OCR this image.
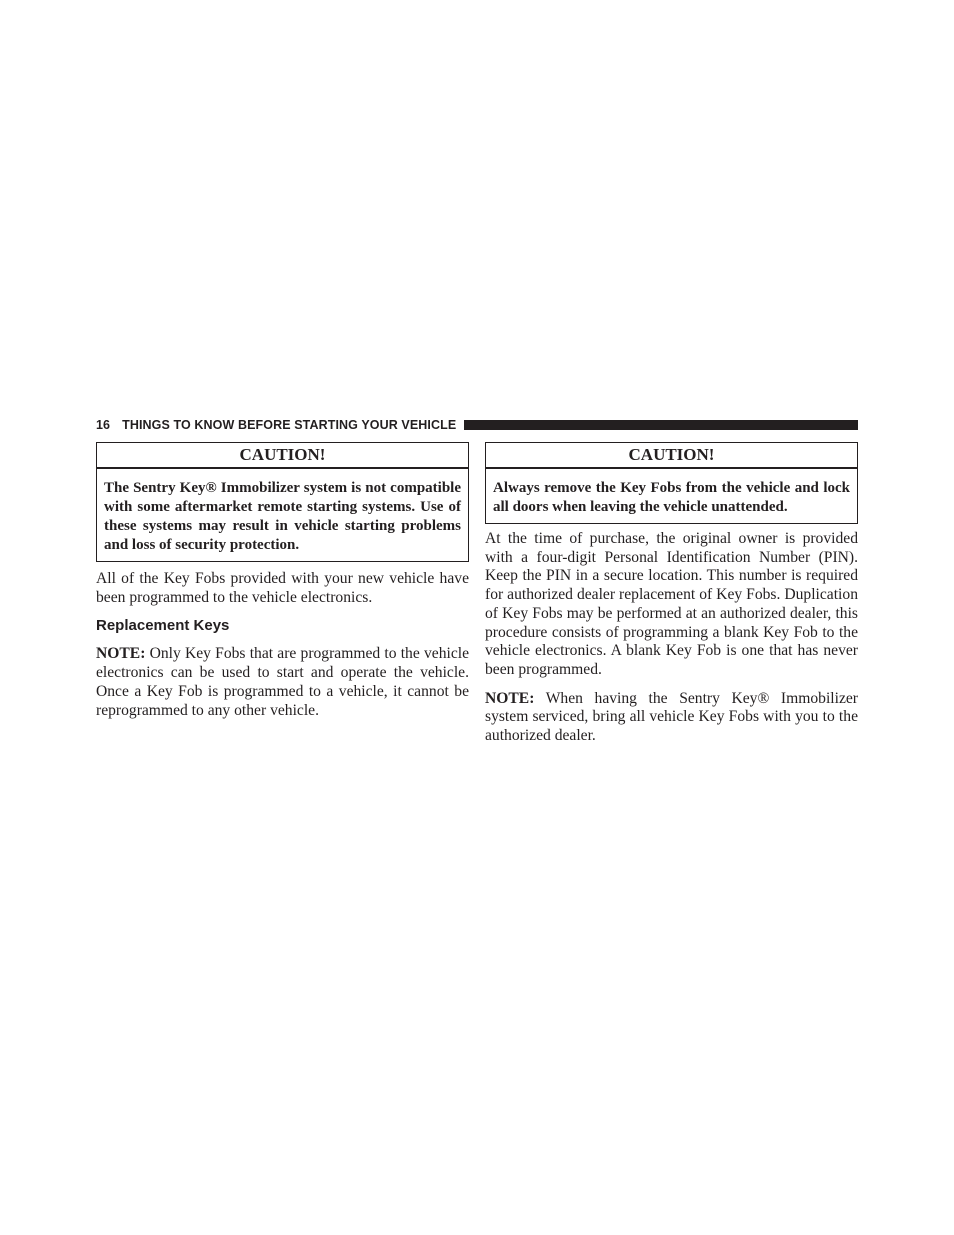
16 THINGS TO KNOW BEFORE STARTING YOUR VEHICLE
CAUTION!
The Sentry Key® Immobilizer system is not compatible with some aftermarket remote starting systems. Use of these systems may result in vehicle starting problems and loss of security protection.

All of the Key Fobs provided with your new vehicle have been programmed to the vehicle electronics.

Replacement Keys

NOTE: Only Key Fobs that are programmed to the vehicle electronics can be used to start and operate the vehicle. Once a Key Fob is programmed to a vehicle, it cannot be reprogrammed to any other vehicle.

CAUTION!
Always remove the Key Fobs from the vehicle and lock all doors when leaving the vehicle unattended.

At the time of purchase, the original owner is provided with a four-digit Personal Identification Number (PIN). Keep the PIN in a secure location. This number is required for authorized dealer replacement of Key Fobs. Duplication of Key Fobs may be performed at an authorized dealer, this procedure consists of programming a blank Key Fob to the vehicle electronics. A blank Key Fob is one that has never been programmed.

NOTE: When having the Sentry Key® Immobilizer system serviced, bring all vehicle Key Fobs with you to the authorized dealer.
